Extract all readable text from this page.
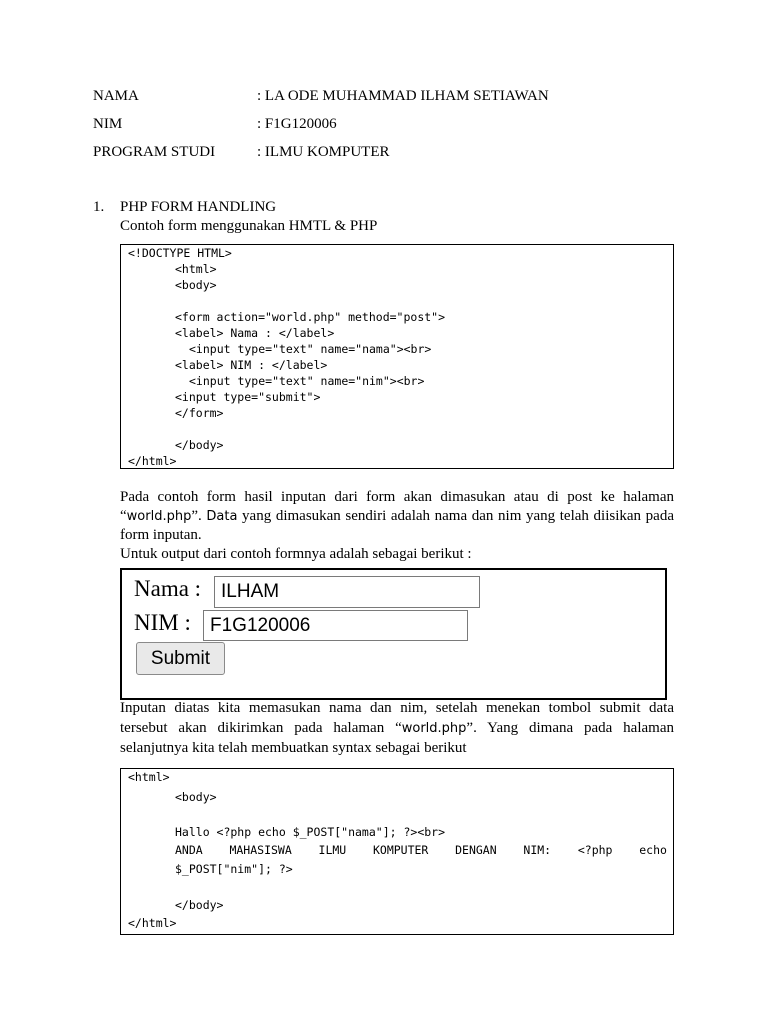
NAMA	: LA ODE MUHAMMAD ILHAM SETIAWAN
NIM	: F1G120006
PROGRAM STUDI	: ILMU KOMPUTER
1. PHP FORM HANDLING
Contoh form menggunakan HMTL & PHP
<!DOCTYPE HTML>
<html>
<body>
<form action="world.php" method="post">
<label> Nama : </label>
<input type="text" name="nama"><br>
<label> NIM : </label>
<input type="text" name="nim"><br>
<input type="submit">
</form>
</body>
</html>
Pada contoh form hasil inputan dari form akan dimasukan atau di post ke halaman
“world.php”. Data yang dimasukan sendiri adalah nama dan nim yang telah diisikan pada
form inputan.
Untuk output dari contoh formnya adalah sebagai berikut :
Nama :	ILHAM
NIM :	F1G120006
Submit
Inputan diatas kita memasukan nama dan nim, setelah menekan tombol submit data
tersebut akan dikirimkan pada halaman “world.php”. Yang dimana pada halaman
selanjutnya kita telah membuatkan syntax sebagai berikut
<html>
<body>
Hallo <?php echo $_POST["nama"]; ?><br>
ANDA MAHASISWA ILMU KOMPUTER DENGAN NIM: <?php echo
$_POST["nim"]; ?>
</body>
</html>
